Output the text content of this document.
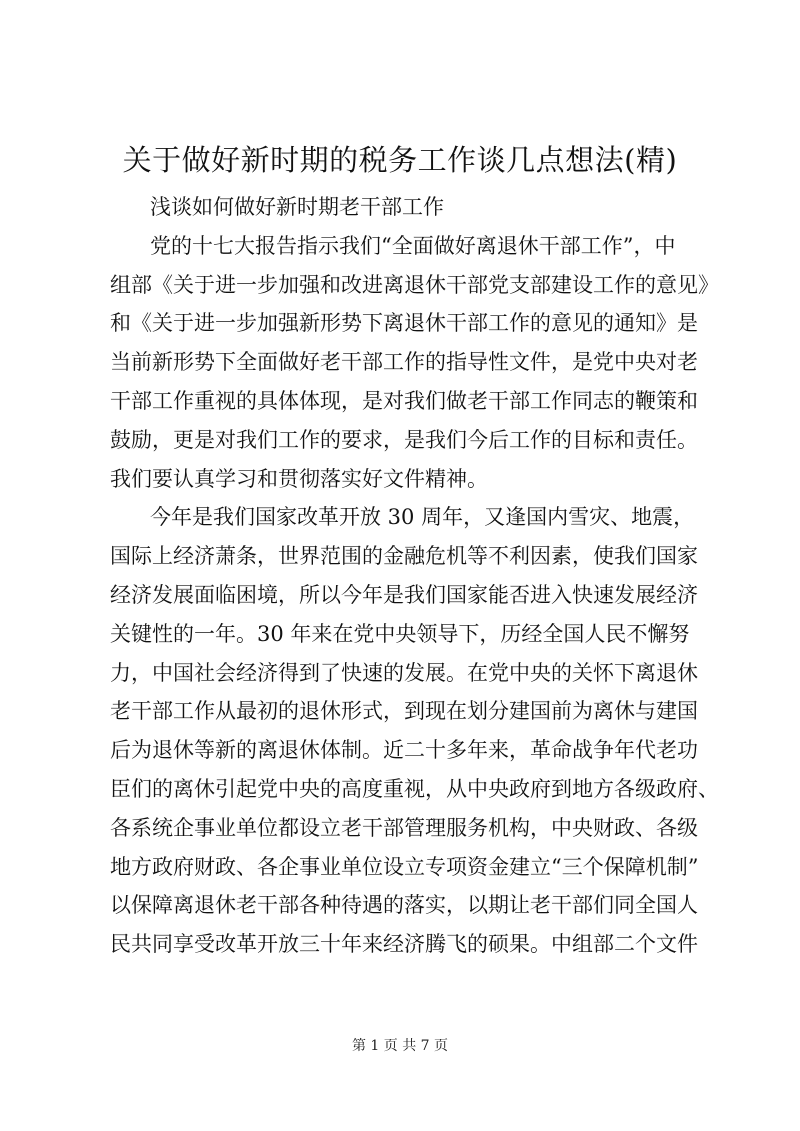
关于做好新时期的税务工作谈几点想法(精)
浅谈如何做好新时期老干部工作
党的十七大报告指示我们“全面做好离退休干部工作”，中
组部《关于进一步加强和改进离退休干部党支部建设工作的意见》
和《关于进一步加强新形势下离退休干部工作的意见的通知》是
当前新形势下全面做好老干部工作的指导性文件，是党中央对老
干部工作重视的具体体现，是对我们做老干部工作同志的鞭策和
鼓励，更是对我们工作的要求，是我们今后工作的目标和责任。
我们要认真学习和贯彻落实好文件精神。
今年是我们国家改革开放 30 周年，又逢国内雪灾、地震，
国际上经济萧条，世界范围的金融危机等不利因素，使我们国家
经济发展面临困境，所以今年是我们国家能否进入快速发展经济
关键性的一年。30 年来在党中央领导下，历经全国人民不懈努
力，中国社会经济得到了快速的发展。在党中央的关怀下离退休
老干部工作从最初的退休形式，到现在划分建国前为离休与建国
后为退休等新的离退休体制。近二十多年来，革命战争年代老功
臣们的离休引起党中央的高度重视，从中央政府到地方各级政府、
各系统企事业单位都设立老干部管理服务机构，中央财政、各级
地方政府财政、各企事业单位设立专项资金建立“三个保障机制”
以保障离退休老干部各种待遇的落实，以期让老干部们同全国人
民共同享受改革开放三十年来经济腾飞的硕果。中组部二个文件
第 1 页 共 7 页
